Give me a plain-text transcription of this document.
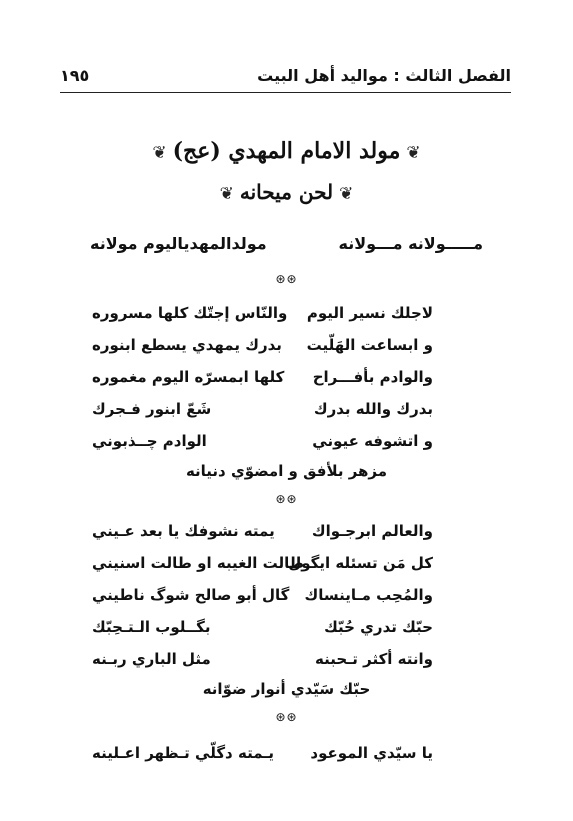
الفصل الثالث : مواليد أهل البيت
١٩٥
❦مولد الامام المهدي (عج)❦
❦لحن ميحانه❦
مـــــولانه مـــولانه
مولدالمهدياليوم مولانه
⊛⊛
لاجلك نسير اليوم
والنّاس إجتّك كلها مسروره
و ابساعت الهَلّيت
بدرك يمهدي يسطع ابنوره
والوادم بأفـــراح
كلها ابمسرّه اليوم مغموره
بدرك والله بدرك
شَعّ ابنور فـجرك
و اتشوفه عيوني
الوادم چــذبوني
مزهر بلأفق و امضوّي دنيانه
⊛⊛
والعالم ابرجـواك
يمته نشوفك يا بعد عـيني
كل مَن تسئله ايگول
طالت الغيبه او طالت اسنيني
والمُحِب مـاينساك
گال أبو صالح شوگ ناطيني
حبّك تدري حُبّك
بگــلوب الـتـحِبّك
وانته أكثر تـحبنه
مثل الباري ربـنه
حبّك سَيّدي أنوار ضوّانه
⊛⊛
يا سيّدي الموعود
يـمته دگلّي تـظهر اعـلينه
